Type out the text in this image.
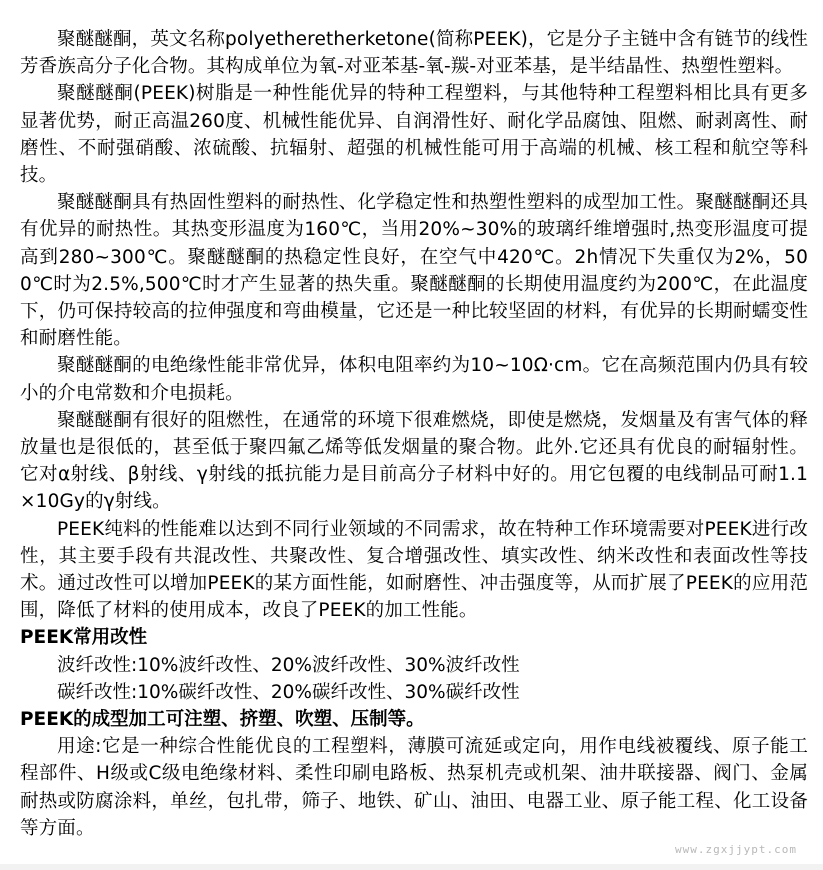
聚醚醚酮，英文名称polyetheretherketone(简称PEEK)，它是分子主链中含有链节的线性芳香族高分子化合物。其构成单位为氧-对亚苯基-氧-羰-对亚苯基，是半结晶性、热塑性塑料。

聚醚醚酮(PEEK)树脂是一种性能优异的特种工程塑料，与其他特种工程塑料相比具有更多显著优势，耐正高温260度、机械性能优异、自润滑性好、耐化学品腐蚀、阻燃、耐剥离性、耐磨性、不耐强硝酸、浓硫酸、抗辐射、超强的机械性能可用于高端的机械、核工程和航空等科技。

聚醚醚酮具有热固性塑料的耐热性、化学稳定性和热塑性塑料的成型加工性。聚醚醚酮还具有优异的耐热性。其热变形温度为160℃，当用20%~30%的玻璃纤维增强时,热变形温度可提高到280~300℃。聚醚醚酮的热稳定性良好，在空气中420℃。2h情况下失重仅为2%，500℃时为2.5%,500℃时才产生显著的热失重。聚醚醚酮的长期使用温度约为200℃，在此温度下，仍可保持较高的拉伸强度和弯曲模量，它还是一种比较坚固的材料，有优异的长期耐蠕变性和耐磨性能。

聚醚醚酮的电绝缘性能非常优异，体积电阻率约为10~10Ω·cm。它在高频范围内仍具有较小的介电常数和介电损耗。

聚醚醚酮有很好的阻燃性，在通常的环境下很难燃烧，即使是燃烧，发烟量及有害气体的释放量也是很低的，甚至低于聚四氟乙烯等低发烟量的聚合物。此外.它还具有优良的耐辐射性。它对α射线、β射线、γ射线的抵抗能力是目前高分子材料中好的。用它包覆的电线制品可耐1.1×10Gy的γ射线。

PEEK纯料的性能难以达到不同行业领域的不同需求，故在特种工作环境需要对PEEK进行改性，其主要手段有共混改性、共聚改性、复合增强改性、填实改性、纳米改性和表面改性等技术。通过改性可以增加PEEK的某方面性能，如耐磨性、冲击强度等，从而扩展了PEEK的应用范围，降低了材料的使用成本，改良了PEEK的加工性能。

PEEK常用改性

波纤改性:10%波纤改性、20%波纤改性、30%波纤改性

碳纤改性:10%碳纤改性、20%碳纤改性、30%碳纤改性

PEEK的成型加工可注塑、挤塑、吹塑、压制等。

用途:它是一种综合性能优良的工程塑料，薄膜可流延或定向，用作电线被覆线、原子能工程部件、H级或C级电绝缘材料、柔性印刷电路板、热泵机壳或机架、油井联接器、阀门、金属耐热或防腐涂料，单丝，包扎带，筛子、地铁、矿山、油田、电器工业、原子能工程、化工设备等方面。

www.zgxjjypt.com
